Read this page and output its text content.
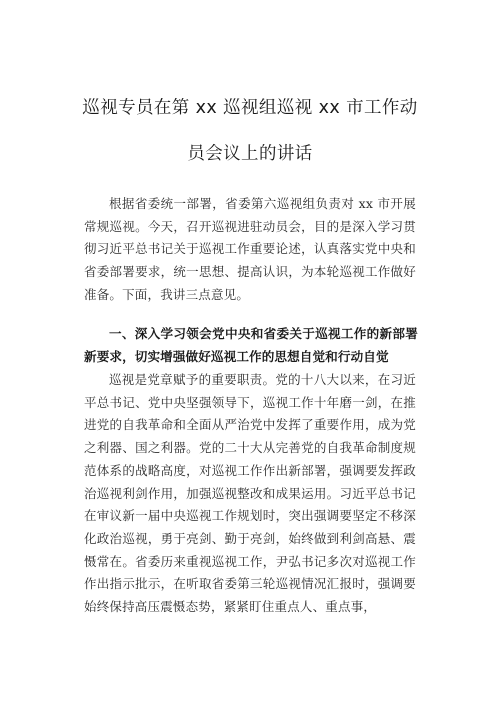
巡视专员在第 xx 巡视组巡视 xx 市工作动
员会议上的讲话
根据省委统一部署，省委第六巡视组负责对 xx 市开展常规巡视。今天，召开巡视进驻动员会，目的是深入学习贯彻习近平总书记关于巡视工作重要论述，认真落实党中央和省委部署要求，统一思想、提高认识，为本轮巡视工作做好准备。下面，我讲三点意见。
一、深入学习领会党中央和省委关于巡视工作的新部署新要求，切实增强做好巡视工作的思想自觉和行动自觉
巡视是党章赋予的重要职责。党的十八大以来，在习近平总书记、党中央坚强领导下，巡视工作十年磨一剑，在推进党的自我革命和全面从严治党中发挥了重要作用，成为党之利器、国之利器。党的二十大从完善党的自我革命制度规范体系的战略高度，对巡视工作作出新部署，强调要发挥政治巡视利剑作用，加强巡视整改和成果运用。习近平总书记在审议新一届中央巡视工作规划时，突出强调要坚定不移深化政治巡视，勇于亮剑、勤于亮剑，始终做到利剑高悬、震慑常在。省委历来重视巡视工作，尹弘书记多次对巡视工作作出指示批示，在听取省委第三轮巡视情况汇报时，强调要始终保持高压震慑态势，紧紧盯住重点人、重点事，
